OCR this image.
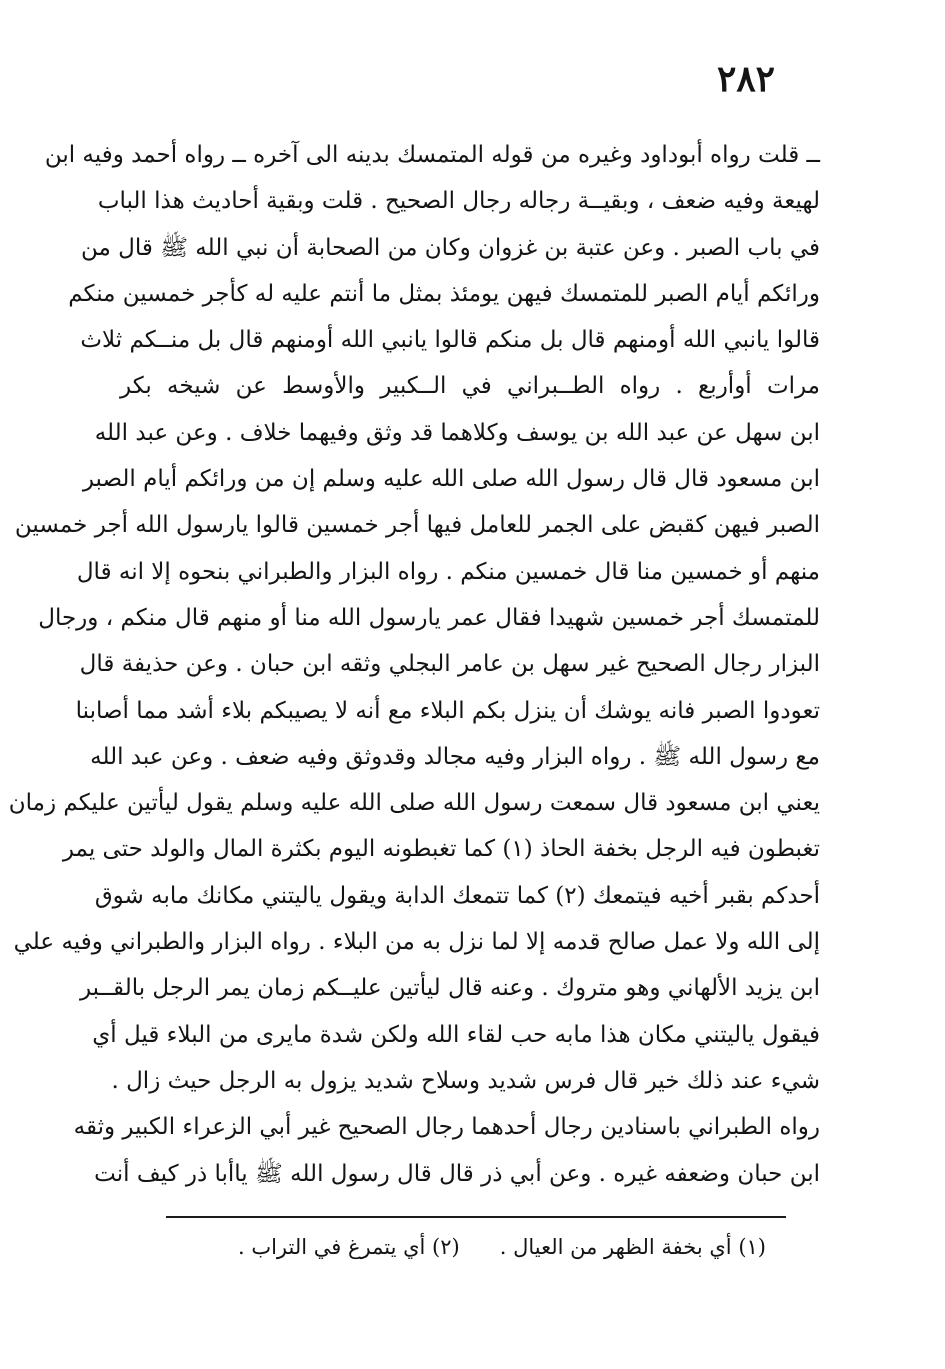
٢٨٢
ــ قلت رواه أبوداود وغيره من قوله المتمسك بدينه الى آخره ــ رواه أحمد وفيه ابن
لهيعة وفيه ضعف ، وبقيــة رجاله رجال الصحيح . قلت وبقية أحاديث هذا الباب
في باب الصبر . وعن عتبة بن غزوان وكان من الصحابة أن نبي الله ﷺ قال من
ورائكم أيام الصبر للمتمسك فيهن يومئذ بمثل ما أنتم عليه له كأجر خمسين منكم
قالوا يانبي الله أومنهم قال بل منكم قالوا يانبي الله أومنهم قال بل منــكم ثلاث
مرات أوأربع . رواه الطــبراني في الــكبير والأوسط عن شيخه بكر
ابن سهل عن عبد الله بن يوسف وكلاهما قد وثق وفيهما خلاف . وعن عبد الله
ابن مسعود قال قال رسول الله صلى الله عليه وسلم إن من ورائكم أيام الصبر
الصبر فيهن كقبض على الجمر للعامل فيها أجر خمسين قالوا يارسول الله أجر خمسين
منهم أو خمسين منا قال خمسين منكم . رواه البزار والطبراني بنحوه إلا انه قال
للمتمسك أجر خمسين شهيدا فقال عمر يارسول الله منا أو منهم قال منكم ، ورجال
البزار رجال الصحيح غير سهل بن عامر البجلي وثقه ابن حبان . وعن حذيفة قال
تعودوا الصبر فانه يوشك أن ينزل بكم البلاء مع أنه لا يصيبكم بلاء أشد مما أصابنا
مع رسول الله ﷺ . رواه البزار وفيه مجالد وقدوثق وفيه ضعف . وعن عبد الله
يعني ابن مسعود قال سمعت رسول الله صلى الله عليه وسلم يقول ليأتين عليكم زمان
تغبطون فيه الرجل بخفة الحاذ (١) كما تغبطونه اليوم بكثرة المال والولد حتى يمر
أحدكم بقبر أخيه فيتمعك (٢) كما تتمعك الدابة ويقول ياليتني مكانك مابه شوق
إلى الله ولا عمل صالح قدمه إلا لما نزل به من البلاء . رواه البزار والطبراني وفيه علي
ابن يزيد الألهاني وهو متروك . وعنه قال ليأتين عليــكم زمان يمر الرجل بالقــبر
فيقول ياليتني مكان هذا مابه حب لقاء الله ولكن شدة مايرى من البلاء قيل أي
شيء عند ذلك خير قال فرس شديد وسلاح شديد يزول به الرجل حيث زال .
رواه الطبراني باسنادين رجال أحدهما رجال الصحيح غير أبي الزعراء الكبير وثقه
ابن حبان وضعفه غيره . وعن أبي ذر قال قال رسول الله ﷺ ياأبا ذر كيف أنت
(١) أي بخفة الظهر من العيال .(٢) أي يتمرغ في التراب .
